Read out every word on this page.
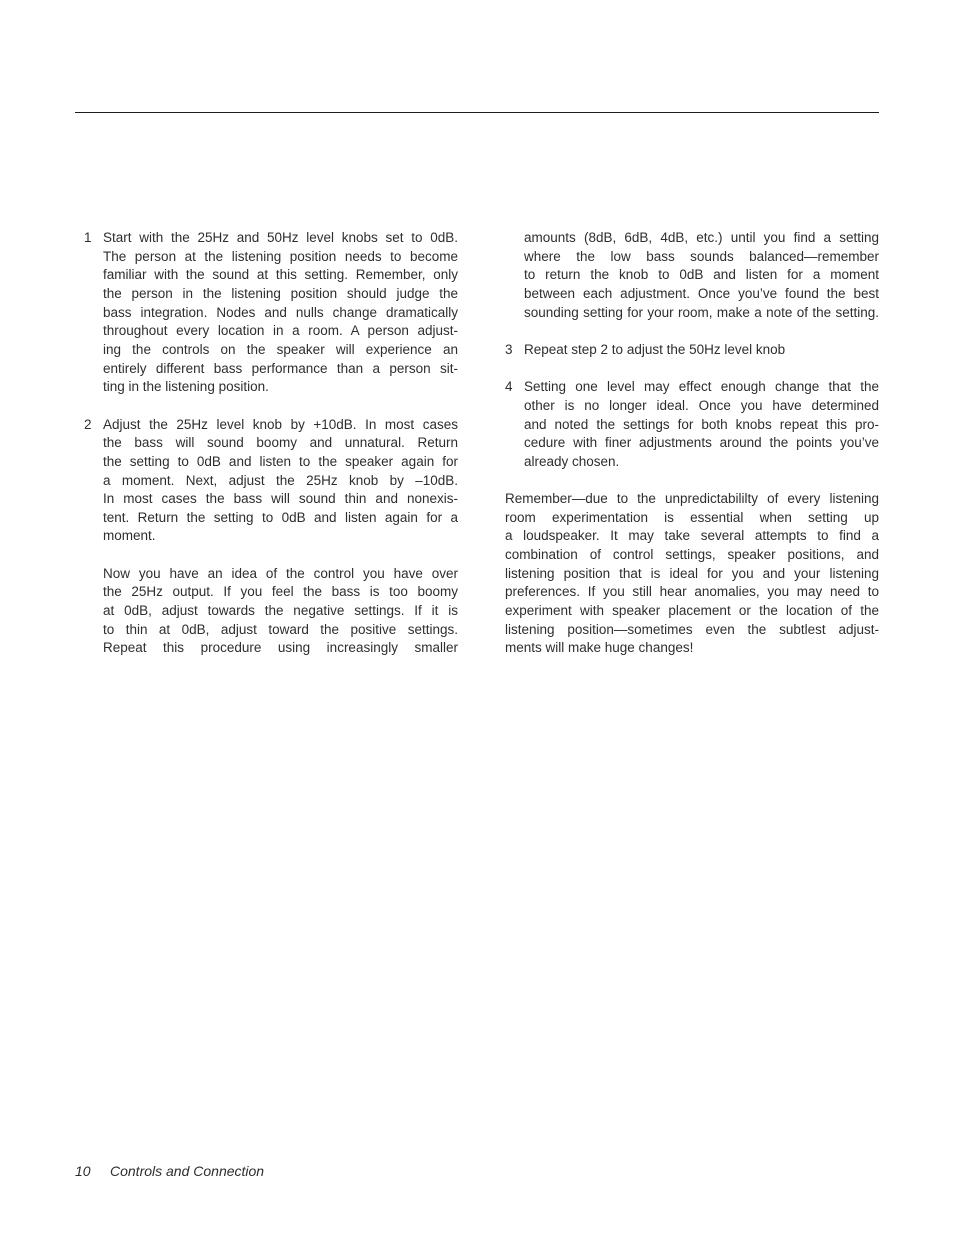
1 Start with the 25Hz and 50Hz level knobs set to 0dB.
The person at the listening position needs to become
familiar with the sound at this setting. Remember, only
the person in the listening position should judge the
bass integration. Nodes and nulls change dramatically
throughout every location in a room. A person adjust-
ing the controls on the speaker will experience an
entirely different bass performance than a person sit-
ting in the listening position.
2 Adjust the 25Hz level knob by +10dB. In most cases
the bass will sound boomy and unnatural. Return
the setting to 0dB and listen to the speaker again for
a moment. Next, adjust the 25Hz knob by –10dB.
In most cases the bass will sound thin and nonexis-
tent. Return the setting to 0dB and listen again for a
moment.
Now you have an idea of the control you have over
the 25Hz output. If you feel the bass is too boomy
at 0dB, adjust towards the negative settings. If it is
to thin at 0dB, adjust toward the positive settings.
Repeat this procedure using increasingly smaller
amounts (8dB, 6dB, 4dB, etc.) until you find a setting
where the low bass sounds balanced—remember
to return the knob to 0dB and listen for a moment
between each adjustment. Once you’ve found the best
sounding setting for your room, make a note of the setting.
3 Repeat step 2 to adjust the 50Hz level knob
4 Setting one level may effect enough change that the
other is no longer ideal. Once you have determined
and noted the settings for both knobs repeat this pro-
cedure with finer adjustments around the points you’ve
already chosen.
Remember—due to the unpredictabililty of every listening
room experimentation is essential when setting up
a loudspeaker. It may take several attempts to find a
combination of control settings, speaker positions, and
listening position that is ideal for you and your listening
preferences. If you still hear anomalies, you may need to
experiment with speaker placement or the location of the
listening position—sometimes even the subtlest adjust-
ments will make huge changes!
10 Controls and Connection
